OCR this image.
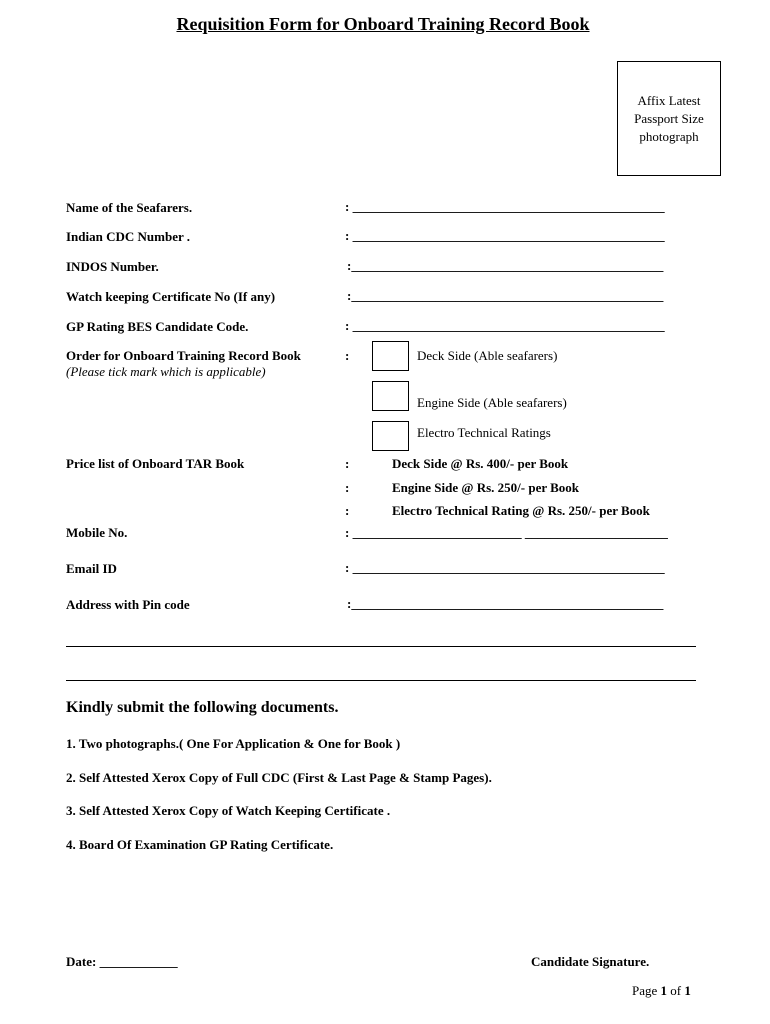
Requisition Form for Onboard Training Record Book
Affix Latest
Passport Size
photograph
Name of the Seafarers.	: ________________________________________________
Indian CDC Number .	: ________________________________________________
INDOS Number.	:________________________________________________
Watch keeping Certificate No (If any)	:________________________________________________
GP Rating BES Candidate Code.	: ________________________________________________
Order for Onboard Training Record Book
(Please tick mark which is applicable)
:	Deck Side (Able seafarers)
Engine Side (Able seafarers)
Electro Technical Ratings
Price list of Onboard TAR Book	:	Deck Side @ Rs. 400/- per Book
:	Engine Side @ Rs. 250/- per Book
:	Electro Technical Rating @ Rs. 250/- per Book
Mobile No.	: __________________________ ______________________
Email ID	: ________________________________________________
Address with Pin code	:________________________________________________
Kindly submit the following documents.
1. Two photographs.( One For Application & One for Book )
2. Self Attested Xerox Copy of Full CDC (First & Last Page & Stamp Pages).
3. Self Attested Xerox Copy of Watch Keeping Certificate .
4. Board Of Examination GP Rating Certificate.
Date: ____________	Candidate Signature.
Page 1 of 1
